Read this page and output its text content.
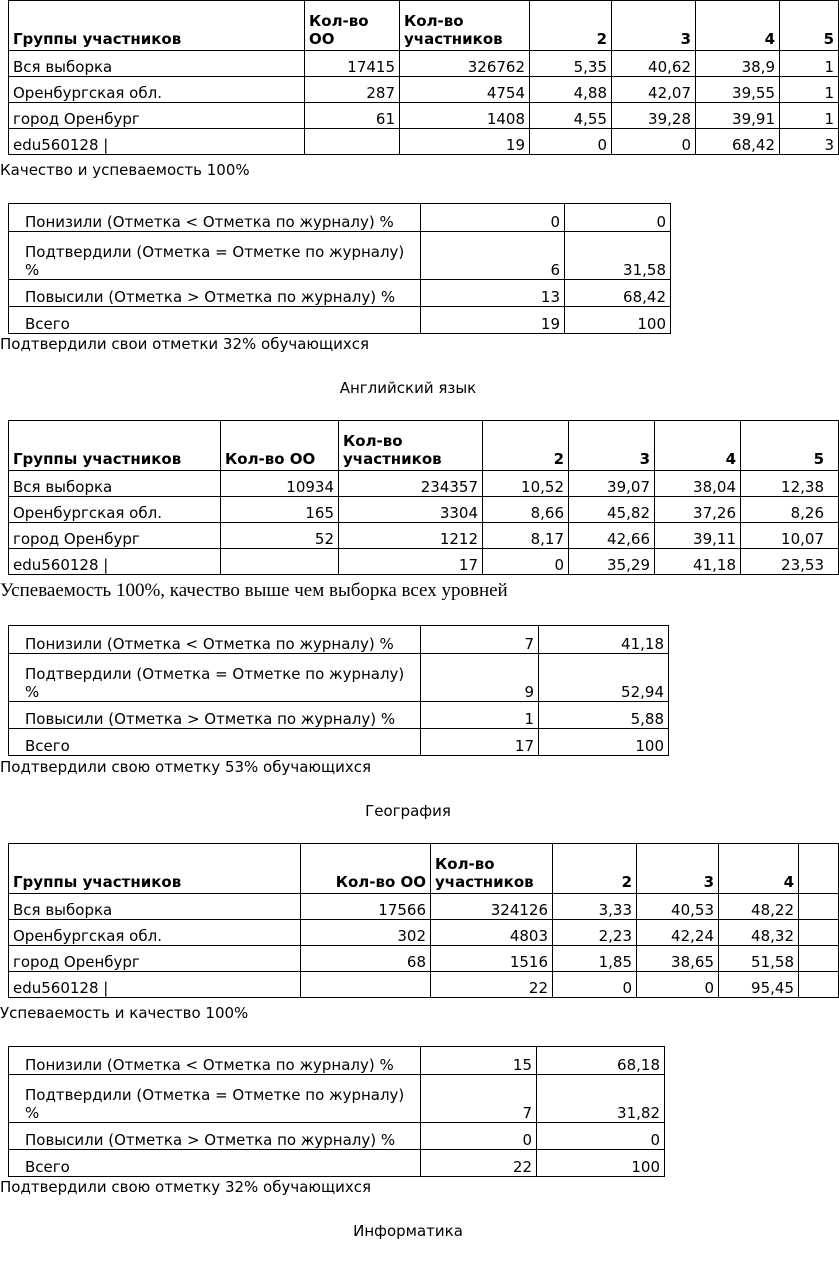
Группы участников	Кол-во ОО	Кол-во участников	2	3	4	5
Вся выборка	17415	326762	5,35	40,62	38,9	1
Оренбургская обл.	287	4754	4,88	42,07	39,55	1
город Оренбург	61	1408	4,55	39,28	39,91	1
edu560128 |		19	0	0	68,42	3
Качество и успеваемость 100%
Понизили (Отметка < Отметка по журналу) %	0	0
Подтвердили (Отметка = Отметке по журналу) %	6	31,58
Повысили (Отметка > Отметка по журналу) %	13	68,42
Всего	19	100
Подтвердили свои отметки 32% обучающихся
Английский язык
Группы участников	Кол-во ОО	Кол-во участников	2	3	4	5
Вся выборка	10934	234357	10,52	39,07	38,04	12,38
Оренбургская обл.	165	3304	8,66	45,82	37,26	8,26
город Оренбург	52	1212	8,17	42,66	39,11	10,07
edu560128 |		17	0	35,29	41,18	23,53
Успеваемость 100%, качество выше чем выборка всех уровней
Понизили (Отметка < Отметка по журналу) %	7	41,18
Подтвердили (Отметка = Отметке по журналу) %	9	52,94
Повысили (Отметка > Отметка по журналу) %	1	5,88
Всего	17	100
Подтвердили свою отметку 53% обучающихся
География
Группы участников	Кол-во ОО	Кол-во участников	2	3	4	
Вся выборка	17566	324126	3,33	40,53	48,22	
Оренбургская обл.	302	4803	2,23	42,24	48,32	
город Оренбург	68	1516	1,85	38,65	51,58	
edu560128 |		22	0	0	95,45	
Успеваемость и качество 100%
Понизили (Отметка < Отметка по журналу) %	15	68,18
Подтвердили (Отметка = Отметке по журналу) %	7	31,82
Повысили (Отметка > Отметка по журналу) %	0	0
Всего	22	100
Подтвердили свою отметку 32% обучающихся
Информатика
